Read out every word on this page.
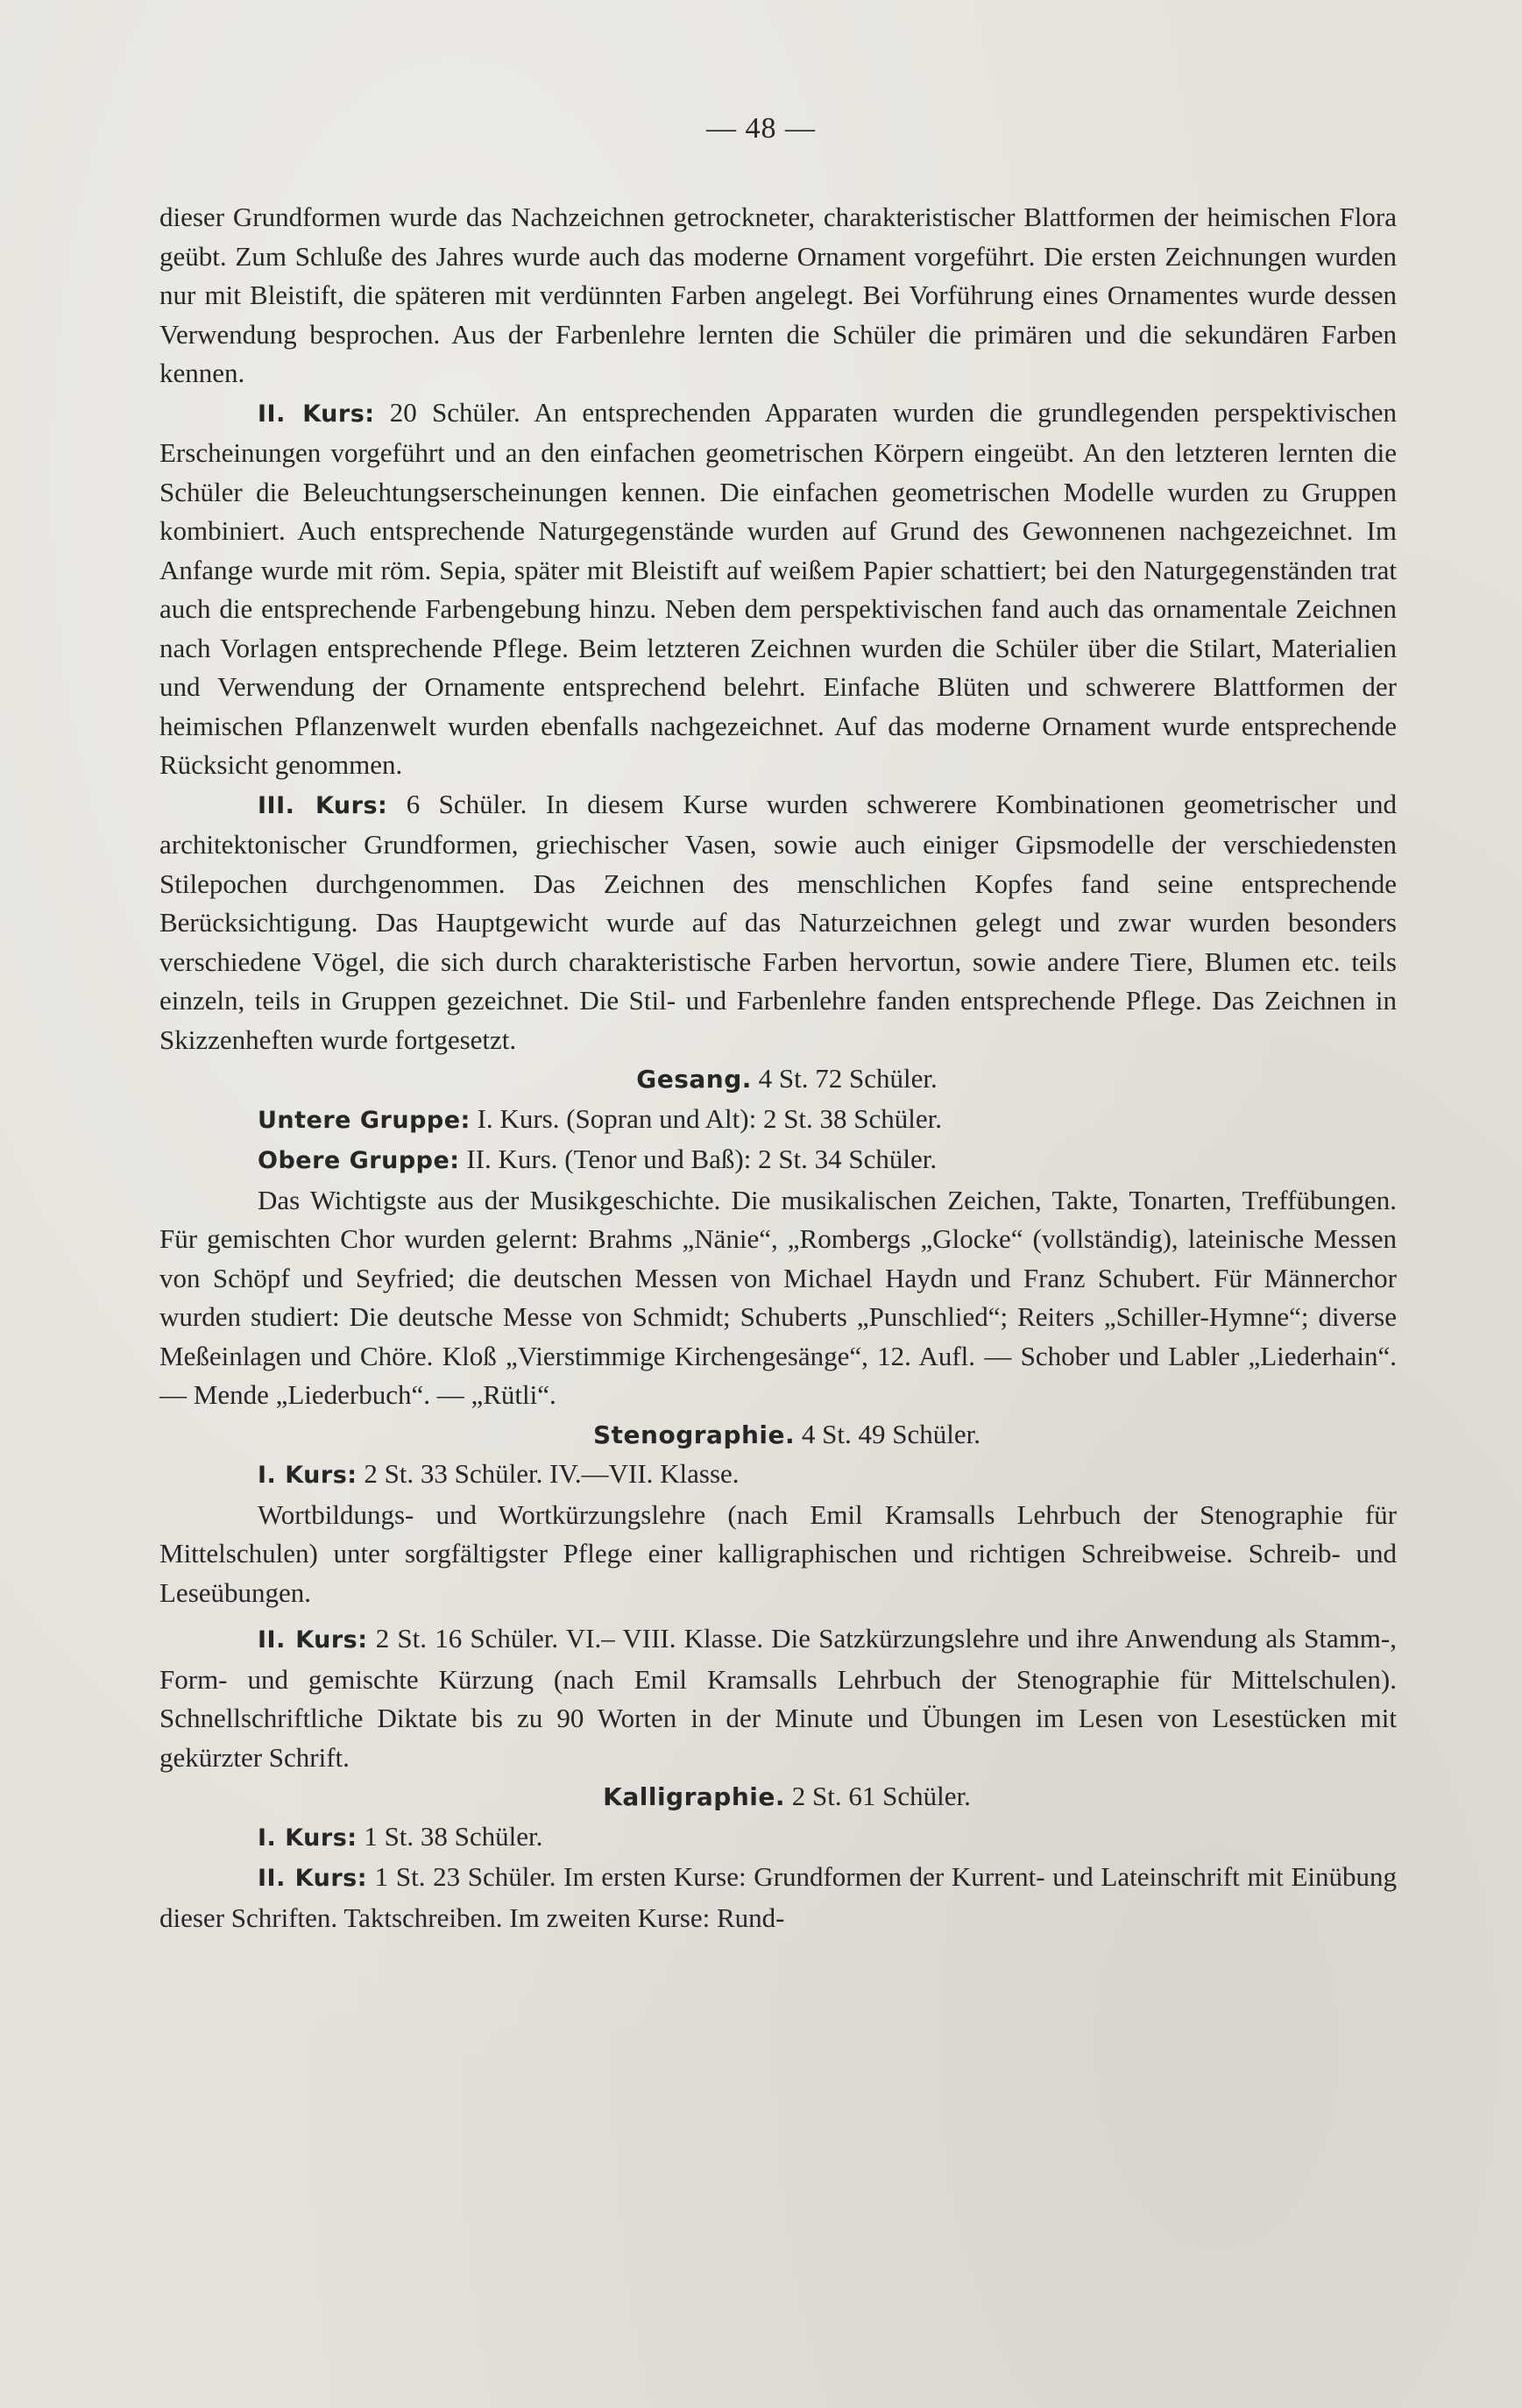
— 48 —

dieser Grundformen wurde das Nachzeichnen getrockneter, charakteristischer Blattformen der heimischen Flora geübt. Zum Schluße des Jahres wurde auch das moderne Ornament vorgeführt. Die ersten Zeichnungen wurden nur mit Bleistift, die späteren mit verdünnten Farben angelegt. Bei Vorführung eines Ornamentes wurde dessen Verwendung besprochen. Aus der Farbenlehre lernten die Schüler die primären und die sekundären Farben kennen.

II. Kurs: 20 Schüler. An entsprechenden Apparaten wurden die grundlegenden perspektivischen Erscheinungen vorgeführt und an den einfachen geometrischen Körpern eingeübt. An den letzteren lernten die Schüler die Beleuchtungserscheinungen kennen. Die einfachen geometrischen Modelle wurden zu Gruppen kombiniert. Auch entsprechende Naturgegenstände wurden auf Grund des Gewonnenen nachgezeichnet. Im Anfange wurde mit röm. Sepia, später mit Bleistift auf weißem Papier schattiert; bei den Naturgegenständen trat auch die entsprechende Farbengebung hinzu. Neben dem perspektivischen fand auch das ornamentale Zeichnen nach Vorlagen entsprechende Pflege. Beim letzteren Zeichnen wurden die Schüler über die Stilart, Materialien und Verwendung der Ornamente entsprechend belehrt. Einfache Blüten und schwerere Blattformen der heimischen Pflanzenwelt wurden ebenfalls nachgezeichnet. Auf das moderne Ornament wurde entsprechende Rücksicht genommen.

III. Kurs: 6 Schüler. In diesem Kurse wurden schwerere Kombinationen geometrischer und architektonischer Grundformen, griechischer Vasen, sowie auch einiger Gipsmodelle der verschiedensten Stilepochen durchgenommen. Das Zeichnen des menschlichen Kopfes fand seine entsprechende Berücksichtigung. Das Hauptgewicht wurde auf das Naturzeichnen gelegt und zwar wurden besonders verschiedene Vögel, die sich durch charakteristische Farben hervortun, sowie andere Tiere, Blumen etc. teils einzeln, teils in Gruppen gezeichnet. Die Stil- und Farbenlehre fanden entsprechende Pflege. Das Zeichnen in Skizzenheften wurde fortgesetzt.

Gesang. 4 St. 72 Schüler.

Untere Gruppe: I. Kurs. (Sopran und Alt): 2 St. 38 Schüler.

Obere Gruppe: II. Kurs. (Tenor und Baß): 2 St. 34 Schüler.

Das Wichtigste aus der Musikgeschichte. Die musikalischen Zeichen, Takte, Tonarten, Treffübungen. Für gemischten Chor wurden gelernt: Brahms „Nänie“, „Rombergs „Glocke“ (vollständig), lateinische Messen von Schöpf und Seyfried; die deutschen Messen von Michael Haydn und Franz Schubert. Für Männerchor wurden studiert: Die deutsche Messe von Schmidt; Schuberts „Punschlied“; Reiters „Schiller-Hymne“; diverse Meßeinlagen und Chöre. Kloß „Vierstimmige Kirchengesänge“, 12. Aufl. — Schober und Labler „Liederhain“. — Mende „Liederbuch“. — „Rütli“.

Stenographie. 4 St. 49 Schüler.

I. Kurs: 2 St. 33 Schüler. IV.—VII. Klasse.

Wortbildungs- und Wortkürzungslehre (nach Emil Kramsalls Lehrbuch der Stenographie für Mittelschulen) unter sorgfältigster Pflege einer kalligraphischen und richtigen Schreibweise. Schreib- und Leseübungen.

II. Kurs: 2 St. 16 Schüler. VI.– VIII. Klasse. Die Satzkürzungslehre und ihre Anwendung als Stamm-, Form- und gemischte Kürzung (nach Emil Kramsalls Lehrbuch der Stenographie für Mittelschulen). Schnellschriftliche Diktate bis zu 90 Worten in der Minute und Übungen im Lesen von Lesestücken mit gekürzter Schrift.

Kalligraphie. 2 St. 61 Schüler.

I. Kurs: 1 St. 38 Schüler.

II. Kurs: 1 St. 23 Schüler. Im ersten Kurse: Grundformen der Kurrent- und Lateinschrift mit Einübung dieser Schriften. Taktschreiben. Im zweiten Kurse: Rund-
